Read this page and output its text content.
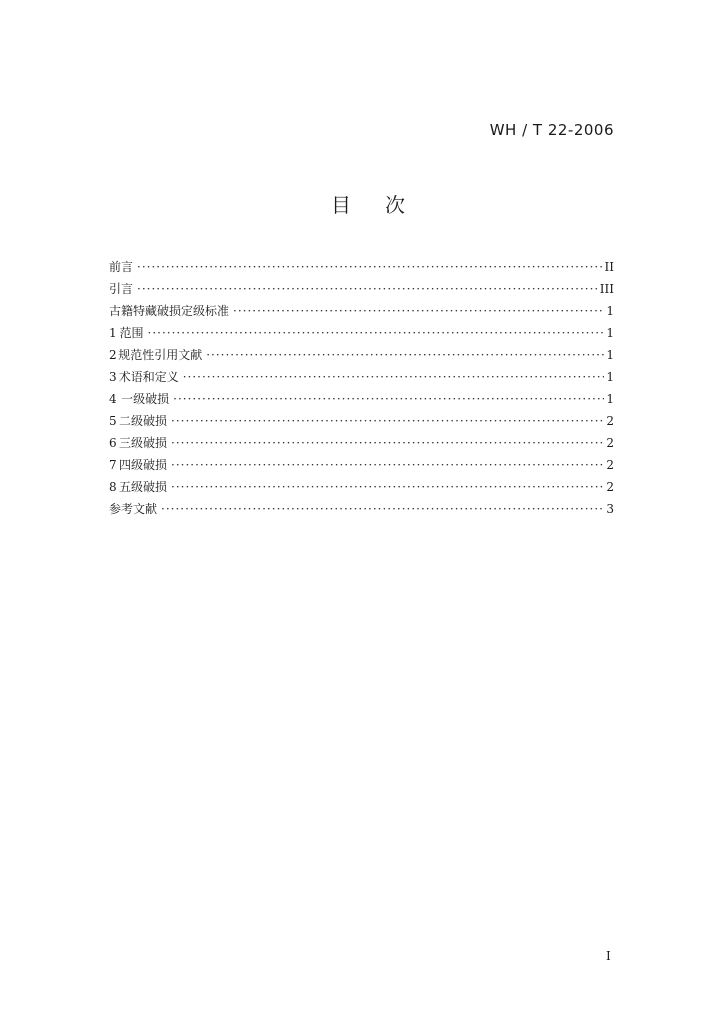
WH / T 22-2006
目次
前言 ·····	II
引言 ·····	III
古籍特藏破损定级标准 ·····	1
1 范围 ·····	1
2 规范性引用文献 ·····	1
3 术语和定义 ·····	1
4 一级破损 ·····	1
5 二级破损 ·····	2
6 三级破损 ·····	2
7 四级破损 ·····	2
8 五级破损 ·····	2
参考文献 ·····	3
I
